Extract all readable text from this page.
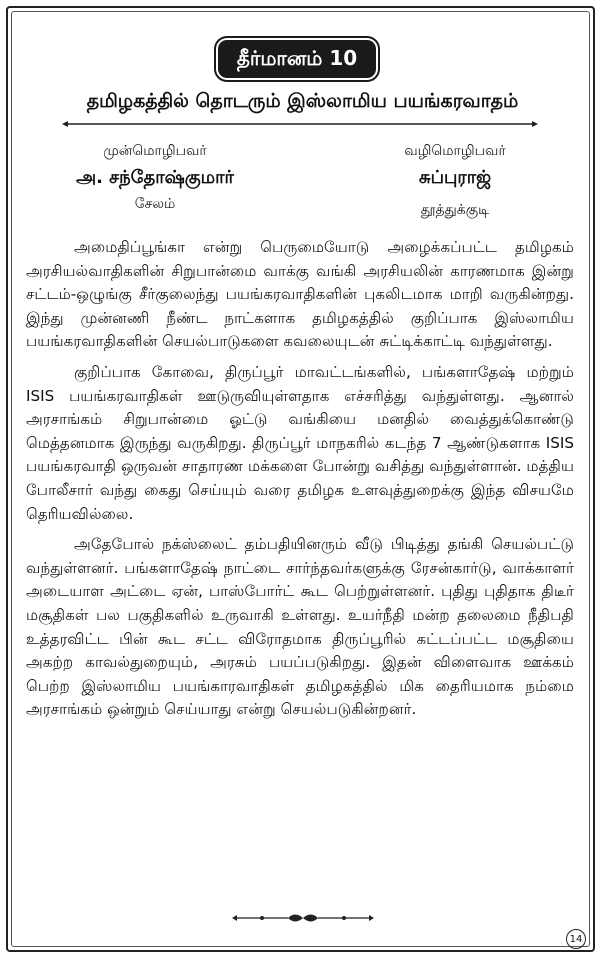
தீர்மானம் 10
தமிழகத்தில் தொடரும் இஸ்லாமிய பயங்கரவாதம்
முன்மொழிபவர்
அ. சந்தோஷ்குமார்
சேலம்
வழிமொழிபவர்
சுப்புராஜ்
தூத்துக்குடி

அமைதிப்பூங்கா என்று பெருமையோடு அழைக்கப்பட்ட தமிழகம் அரசியல்வாதிகளின் சிறுபான்மை வாக்கு வங்கி அரசியலின் காரணமாக இன்று சட்டம்-ஒழுங்கு சீர்குலைந்து பயங்கரவாதிகளின் புகலிடமாக மாறி வருகின்றது. இந்து முன்னணி நீண்ட நாட்களாக தமிழகத்தில் குறிப்பாக இஸ்லாமிய பயங்கரவாதிகளின் செயல்பாடுகளை கவலையுடன் சுட்டிக்காட்டி வந்துள்ளது.

குறிப்பாக கோவை, திருப்பூர் மாவட்டங்களில், பங்களாதேஷ் மற்றும் ISIS பயங்கரவாதிகள் ஊடுருவியுள்ளதாக எச்சரித்து வந்துள்ளது. ஆனால் அரசாங்கம் சிறுபான்மை ஓட்டு வங்கியை மனதில் வைத்துக்கொண்டு மெத்தனமாக இருந்து வருகிறது. திருப்பூர் மாநகரில் கடந்த 7 ஆண்டுகளாக ISIS பயங்கரவாதி ஒருவன் சாதாரண மக்களை போன்று வசித்து வந்துள்ளான். மத்திய போலீசார் வந்து கைது செய்யும் வரை தமிழக உளவுத்துறைக்கு இந்த விசயமே தெரியவில்லை.

அதேபோல் நக்ஸ்லைட் தம்பதியினரும் வீடு பிடித்து தங்கி செயல்பட்டு வந்துள்ளனர். பங்களாதேஷ் நாட்டை சார்ந்தவர்களுக்கு ரேசன்கார்டு, வாக்காளர் அடையாள அட்டை ஏன், பாஸ்போர்ட் கூட பெற்றுள்ளனர். புதிது புதிதாக திடீர் மசூதிகள் பல பகுதிகளில் உருவாகி உள்ளது. உயர்நீதி மன்ற தலைமை நீதிபதி உத்தரவிட்ட பின் கூட சட்ட விரோதமாக திருப்பூரில் கட்டப்பட்ட மசூதியை அகற்ற காவல்துறையும், அரசும் பயப்படுகிறது. இதன் விளைவாக ஊக்கம் பெற்ற இஸ்லாமிய பயங்காரவாதிகள் தமிழகத்தில் மிக தைரியமாக நம்மை அரசாங்கம் ஒன்றும் செய்யாது என்று செயல்படுகின்றனர்.

14
